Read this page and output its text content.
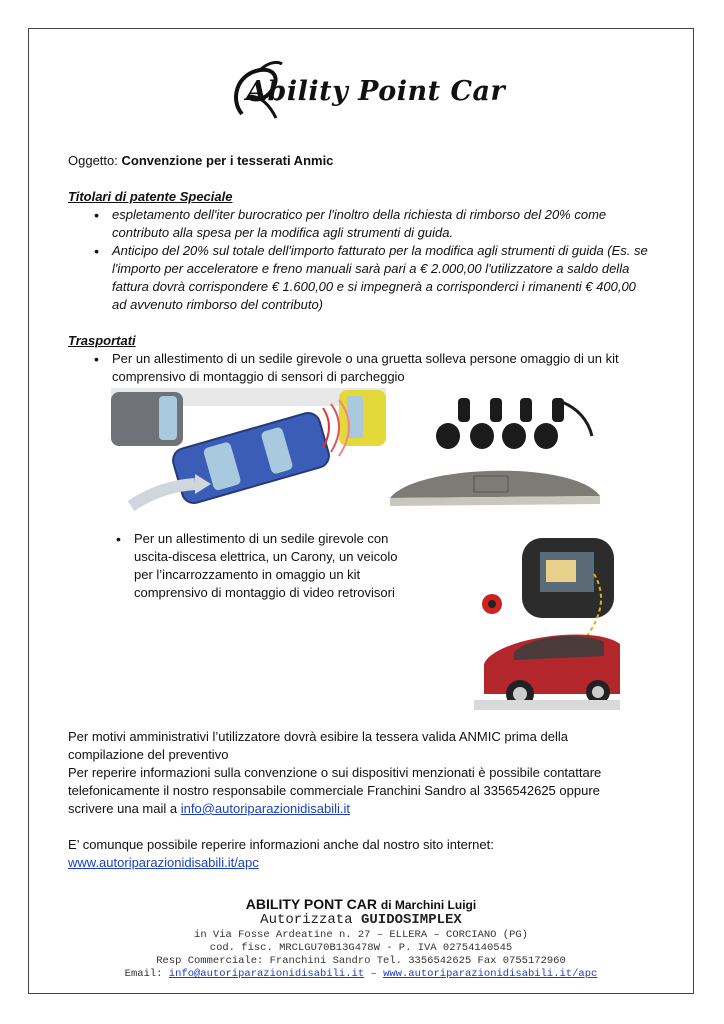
Ability Point Car
Oggetto: Convenzione per i tesserati Anmic
Titolari di patente Speciale
• espletamento dell'iter burocratico per l'inoltro della richiesta di rimborso del 20% come contributo alla spesa per la modifica agli strumenti di guida.
• Anticipo del 20% sul totale dell'importo fatturato per la modifica agli strumenti di guida (Es. se l'importo per acceleratore e freno manuali sarà pari a € 2.000,00 l'utilizzatore a saldo della fattura dovrà corrispondere € 1.600,00 e si impegnerà a corrisponderci i rimanenti € 400,00 ad avvenuto rimborso del contributo)
Trasportati
• Per un allestimento di un sedile girevole o una gruetta solleva persone omaggio di un kit comprensivo di montaggio di sensori di parcheggio
• Per un allestimento di un sedile girevole con uscita-discesa elettrica, un Carony, un veicolo per l’incarrozzamento in omaggio un kit comprensivo di montaggio di video retrovisori
Per motivi amministrativi l’utilizzatore dovrà esibire la tessera valida ANMIC prima della compilazione del preventivo
Per reperire informazioni sulla convenzione o sui dispositivi menzionati è possibile contattare telefonicamente il nostro responsabile commerciale Franchini Sandro al 3356542625 oppure scrivere una mail a info@autoriparazionidisabili.it
E’ comunque possibile reperire informazioni anche dal nostro sito internet:
www.autoriparazionidisabili.it/apc
ABILITY PONT CAR di Marchini Luigi
Autorizzata GUIDOSIMPLEX
in Via Fosse Ardeatine n. 27 – ELLERA – CORCIANO (PG)
cod. fisc. MRCLGU70B13G478W - P. IVA 02754140545
Resp Commerciale: Franchini Sandro Tel. 3356542625 Fax 0755172960
Email: info@autoriparazionidisabili.it – www.autoriparazionidisabili.it/apc
